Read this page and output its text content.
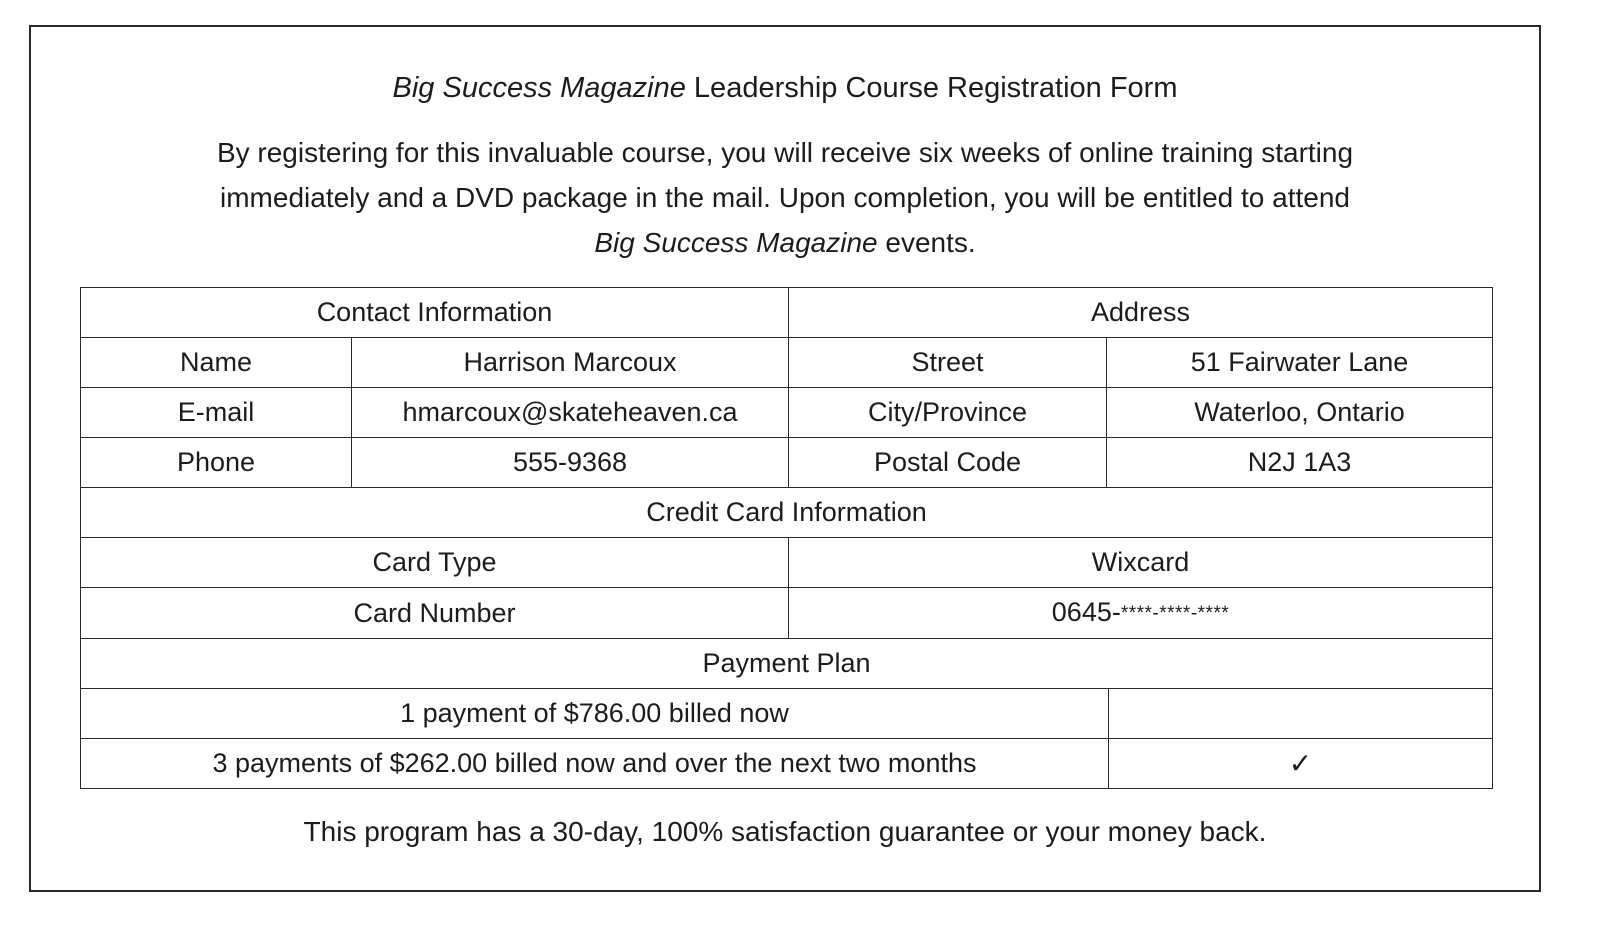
Big Success Magazine Leadership Course Registration Form
By registering for this invaluable course, you will receive six weeks of online training starting
immediately and a DVD package in the mail. Upon completion, you will be entitled to attend
Big Success Magazine events.
Contact Information		Address		
Name	Harrison Marcoux	Street	51 Fairwater Lane	
E-mail	hmarcoux@skateheaven.ca	City/Province	Waterloo, Ontario	
Phone	555-9368	Postal Code	N2J 1A3	
Credit Card Information				
Card Type		Wixcard		
Card Number		0645-****-****-****		
Payment Plan				
1 payment of $786.00 billed now				
3 payments of $262.00 billed now and over the next two months				✓
This program has a 30-day, 100% satisfaction guarantee or your money back.
